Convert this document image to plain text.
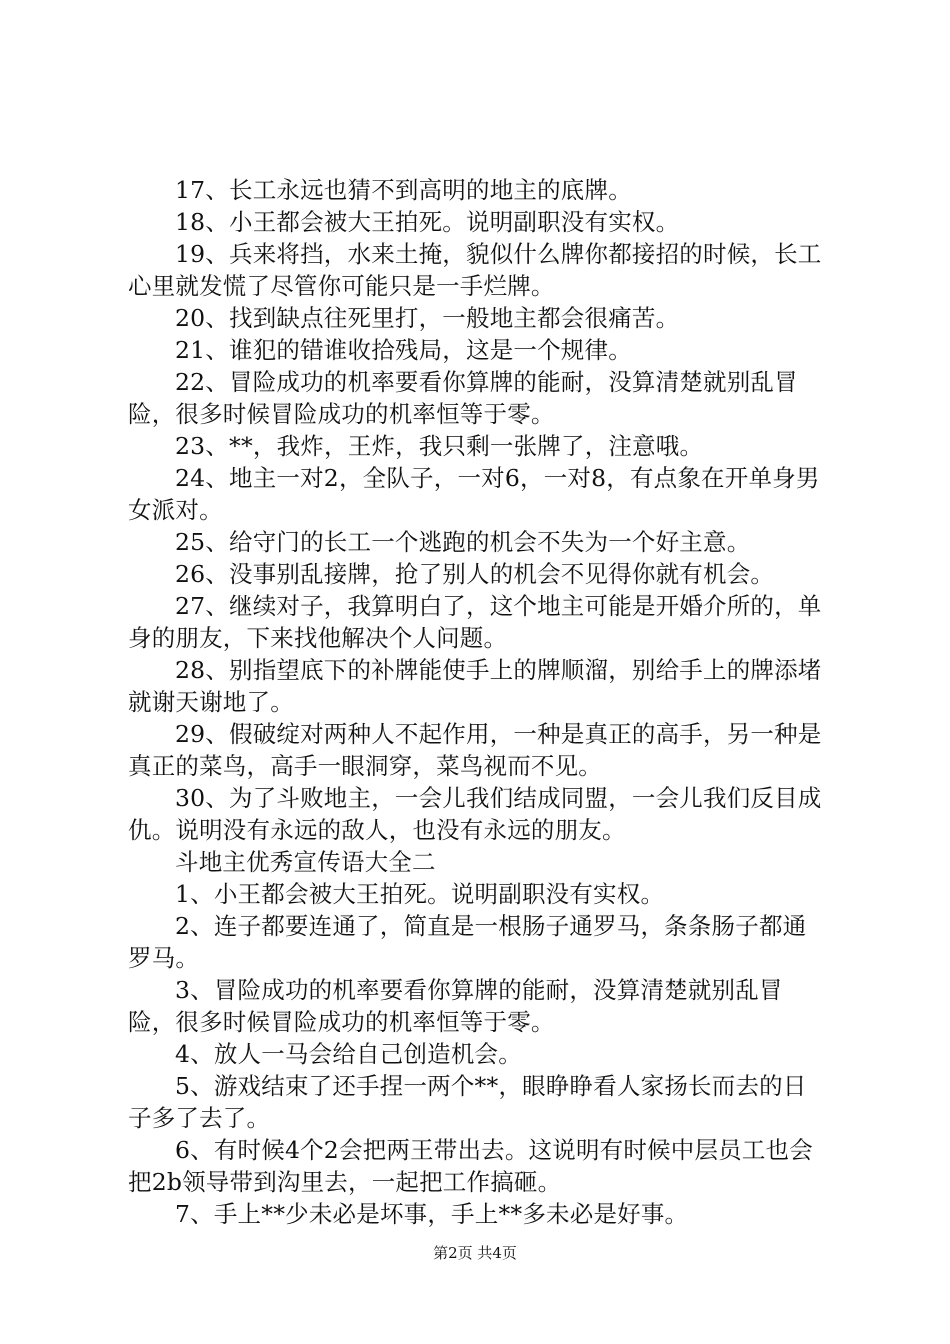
17、长工永远也猜不到高明的地主的底牌。

18、小王都会被大王拍死。说明副职没有实权。

19、兵来将挡，水来土掩，貌似什么牌你都接招的时候，长工心里就发慌了尽管你可能只是一手烂牌。

20、找到缺点往死里打，一般地主都会很痛苦。

21、谁犯的错谁收拾残局，这是一个规律。

22、冒险成功的机率要看你算牌的能耐，没算清楚就别乱冒险，很多时候冒险成功的机率恒等于零。

23、**，我炸，王炸，我只剩一张牌了，注意哦。

24、地主一对2，全队子，一对6，一对8，有点象在开单身男女派对。

25、给守门的长工一个逃跑的机会不失为一个好主意。

26、没事别乱接牌，抢了别人的机会不见得你就有机会。

27、继续对子，我算明白了，这个地主可能是开婚介所的，单身的朋友，下来找他解决个人问题。

28、别指望底下的补牌能使手上的牌顺溜，别给手上的牌添堵就谢天谢地了。

29、假破绽对两种人不起作用，一种是真正的高手，另一种是真正的菜鸟，高手一眼洞穿，菜鸟视而不见。

30、为了斗败地主，一会儿我们结成同盟，一会儿我们反目成仇。说明没有永远的敌人，也没有永远的朋友。

斗地主优秀宣传语大全二

1、小王都会被大王拍死。说明副职没有实权。

2、连子都要连通了，简直是一根肠子通罗马，条条肠子都通罗马。

3、冒险成功的机率要看你算牌的能耐，没算清楚就别乱冒险，很多时候冒险成功的机率恒等于零。

4、放人一马会给自己创造机会。

5、游戏结束了还手捏一两个**，眼睁睁看人家扬长而去的日子多了去了。

6、有时候4个2会把两王带出去。这说明有时候中层员工也会把2b领导带到沟里去，一起把工作搞砸。

7、手上**少未必是坏事，手上**多未必是好事。

第2页 共4页
